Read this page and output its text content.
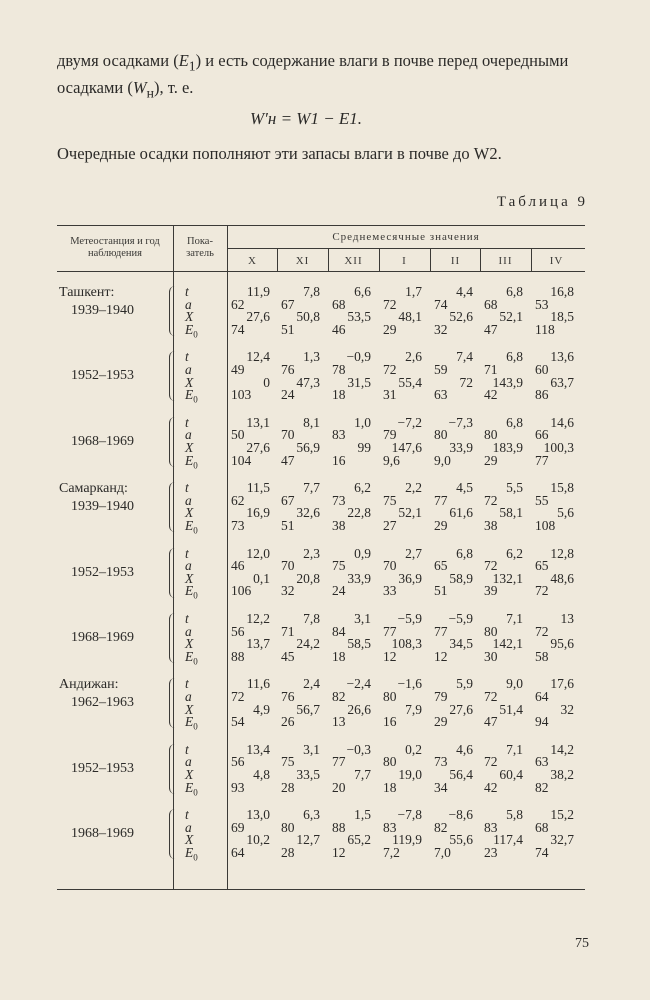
двумя осадками $(E_1)$ и есть содержание влаги в почве перед очередными осадками $(W_н)$, т. е.

W′н = W1 − E1.

Очередные осадки пополняют эти запасы влаги в почве до W2.

Таблица 9
Метеостанция и год наблюдения
Пока- затель
Среднемесячные значения
X	XI	XII	I	II	III	IV
Ташкент:
1939–1940
t	11,9	7,8	6,6	1,7	4,4	6,8	16,8
a	62	67	68	72	74	68	53
X	27,6	50,8	53,5	48,1	52,6	52,1	18,5
$E_0$ 74	51	46	29	32	47	118
1952–1953
t	12,4	1,3	−0,9	2,6	7,4	6,8	13,6
a	49	76	78	72	59	71	60
X	0	47,3	31,5	55,4	72	143,9	63,7
$E_0$ 103	24	18	31	63	42	86
1968–1969
t	13,1	8,1	1,0	−7,2	−7,3	6,8	14,6
a	50	70	83	79	80	80	66
X	27,6	56,9	99	147,6	33,9	183,9	100,3
$E_0$ 104	47	16	9,6	9,0	29	77
Самарканд:
1939–1940
t	11,5	7,7	6,2	2,2	4,5	5,5	15,8
a	62	67	73	75	77	72	55
X	16,9	32,6	22,8	52,1	61,6	58,1	5,6
$E_0$ 73	51	38	27	29	38	108
1952–1953
t	12,0	2,3	0,9	2,7	6,8	6,2	12,8
a	46	70	75	70	65	72	65
X	0,1	20,8	33,9	36,9	58,9	132,1	48,6
$E_0$ 106	32	24	33	51	39	72
1968–1969
t	12,2	7,8	3,1	−5,9	−5,9	7,1	13
a	56	71	84	77	77	80	72
X	13,7	24,2	58,5	108,3	34,5	142,1	95,6
$E_0$ 88	45	18	12	12	30	58
Андижан:
1962–1963
t	11,6	2,4	−2,4	−1,6	5,9	9,0	17,6
a	72	76	82	80	79	72	64
X	4,9	56,7	26,6	7,9	27,6	51,4	32
$E_0$ 54	26	13	16	29	47	94
1952–1953
t	13,4	3,1	−0,3	0,2	4,6	7,1	14,2
a	56	75	77	80	73	72	63
X	4,8	33,5	7,7	19,0	56,4	60,4	38,2
$E_0$ 93	28	20	18	34	42	82
1968–1969
t	13,0	6,3	1,5	−7,8	−8,6	5,8	15,2
a	69	80	88	83	82	83	68
X	10,2	12,7	65,2	119,9	55,6	117,4	32,7
$E_0$ 64	28	12	7,2	7,0	23	74
75
